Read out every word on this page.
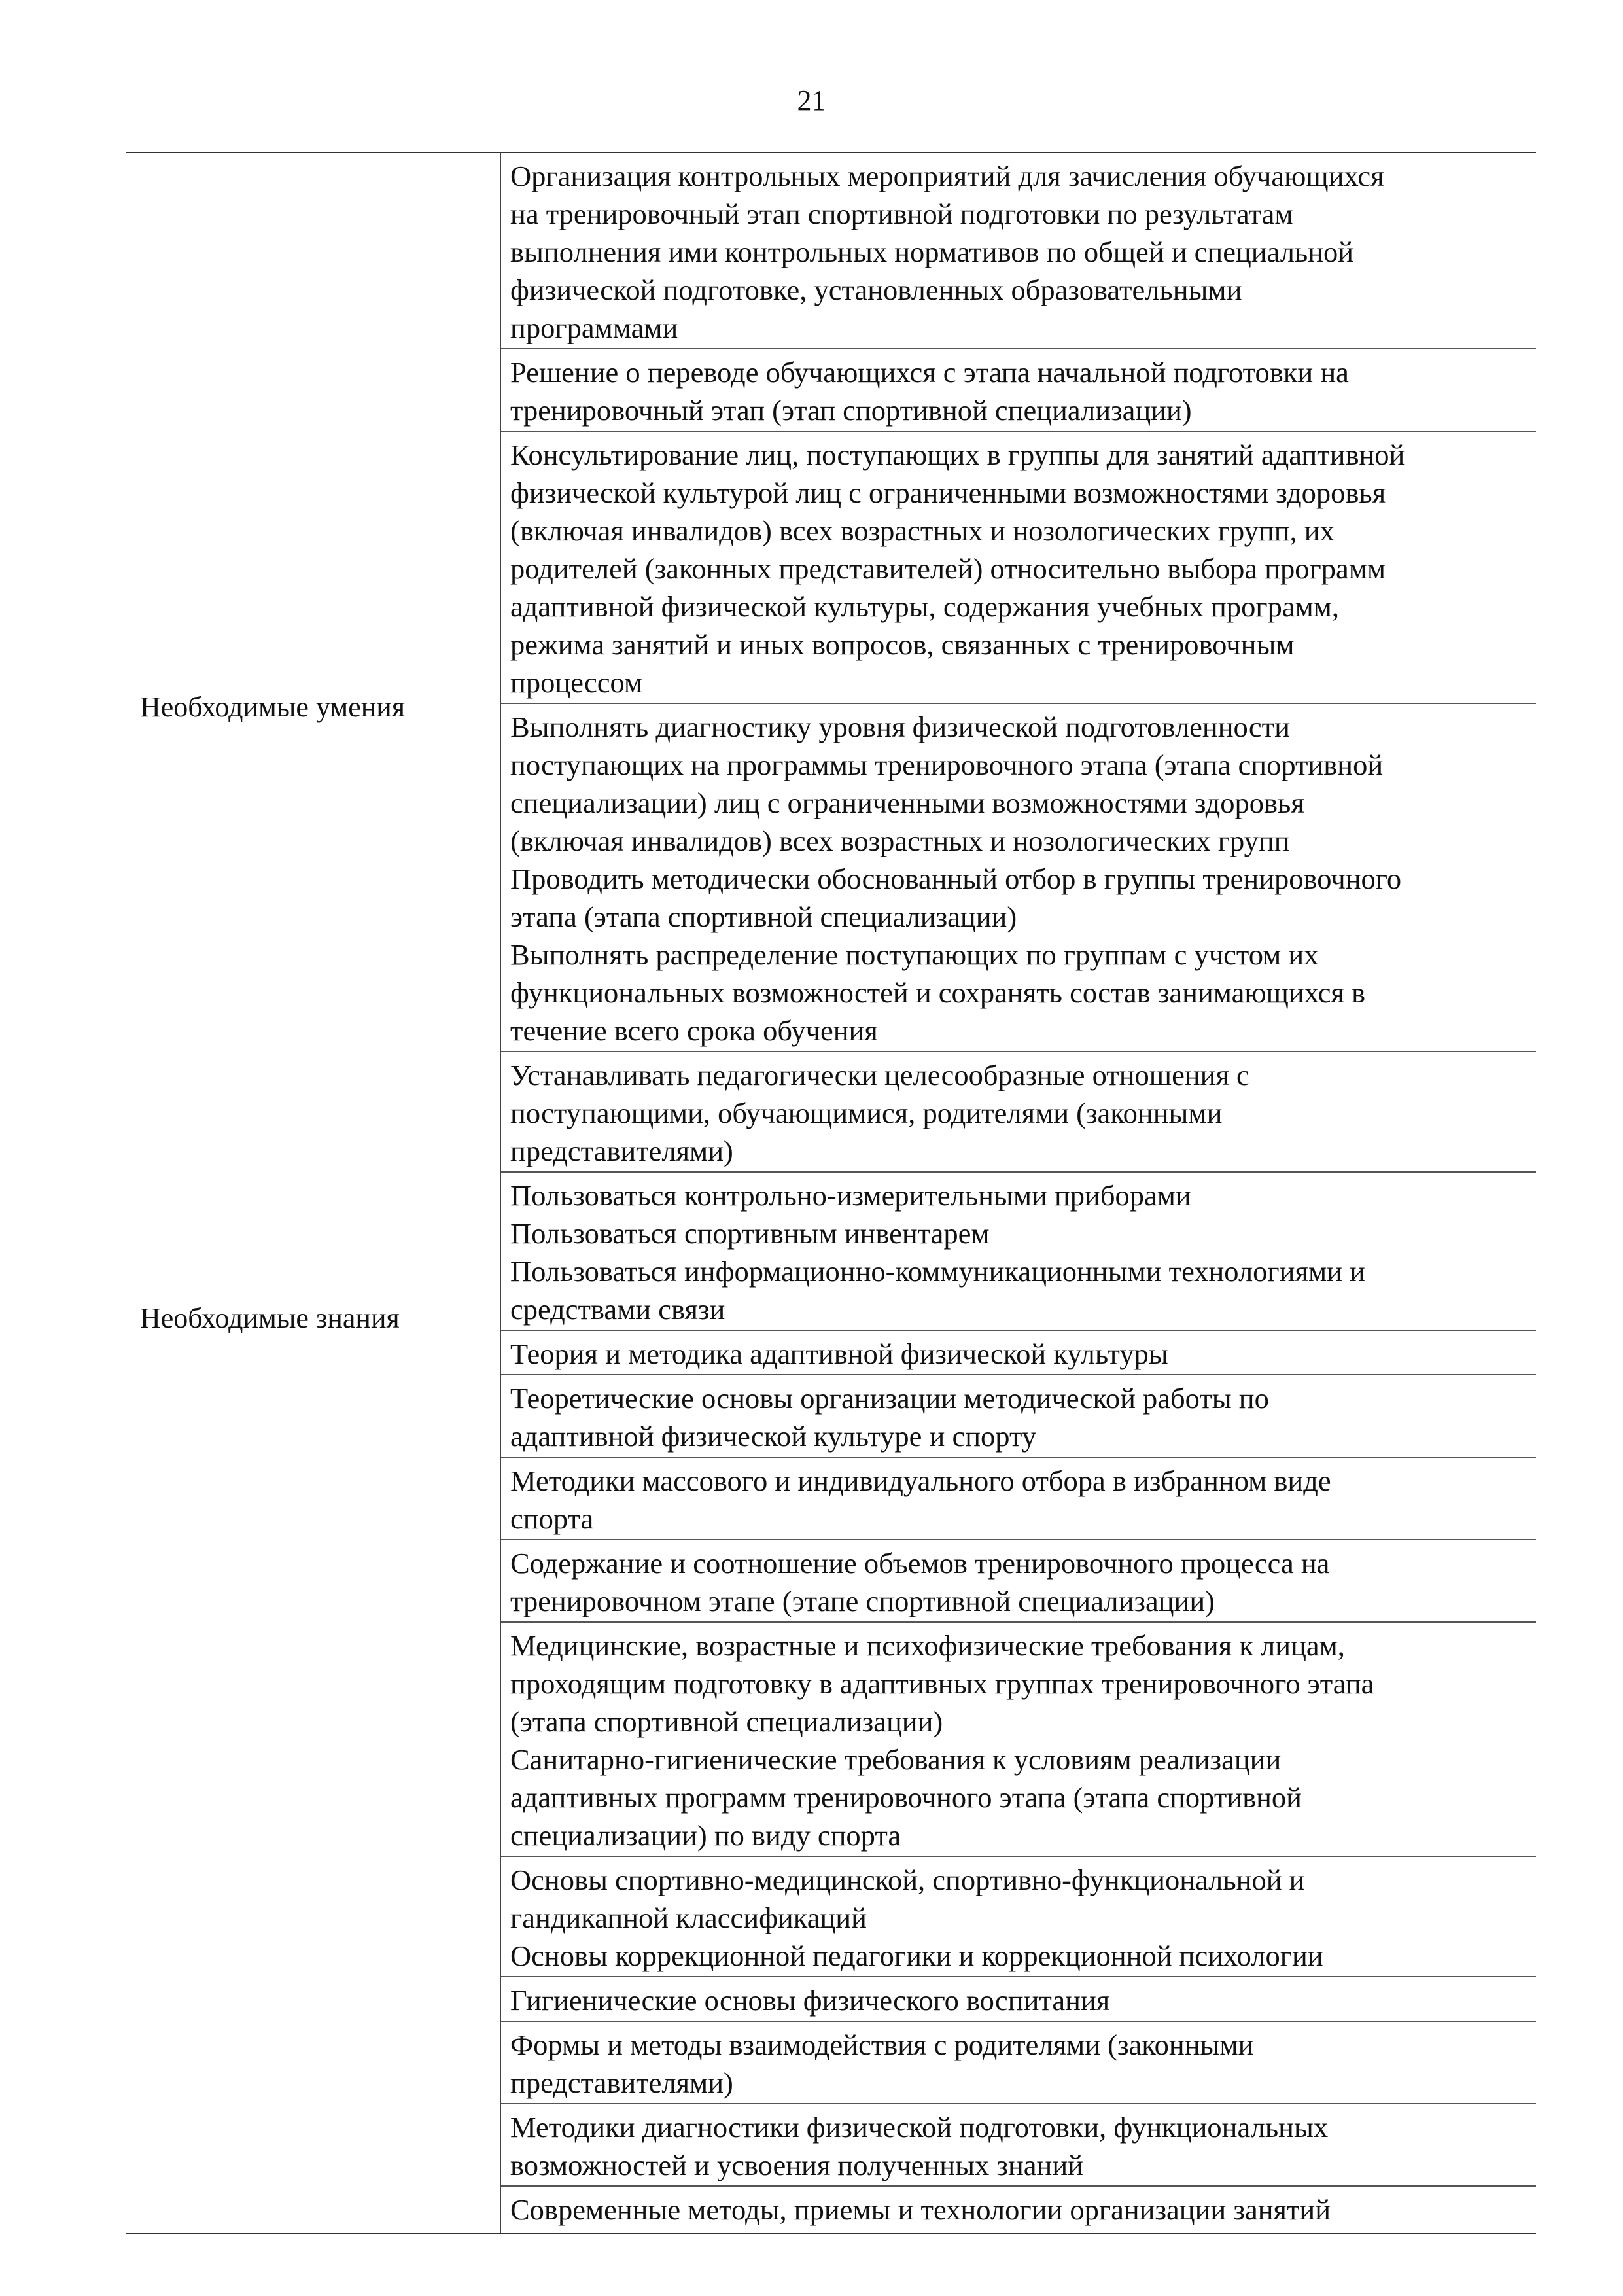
21
Необходимые умения
Необходимые знания
Организация контрольных мероприятий для зачисления обучающихся
на тренировочный этап спортивной подготовки по результатам
выполнения ими контрольных нормативов по общей и специальной
физической подготовке, установленных образовательными
программами
Решение о переводе обучающихся с этапа начальной подготовки на
тренировочный этап (этап спортивной специализации)
Консультирование лиц, поступающих в группы для занятий адаптивной
физической культурой лиц с ограниченными возможностями здоровья
(включая инвалидов) всех возрастных и нозологических групп, их
родителей (законных представителей) относительно выбора программ
адаптивной физической культуры, содержания учебных программ,
режима занятий и иных вопросов, связанных с тренировочным
процессом
Выполнять диагностику уровня физической подготовленности
поступающих на программы тренировочного этапа (этапа спортивной
специализации) лиц с ограниченными возможностями здоровья
(включая инвалидов) всех возрастных и нозологических групп
Проводить методически обоснованный отбор в группы тренировочного
этапа (этапа спортивной специализации)
Выполнять распределение поступающих по группам с учстом их
функциональных возможностей и сохранять состав занимающихся в
течение всего срока обучения
Устанавливать педагогически целесообразные отношения с
поступающими, обучающимися, родителями (законными
представителями)
Пользоваться контрольно-измерительными приборами
Пользоваться спортивным инвентарем
Пользоваться информационно-коммуникационными технологиями и
средствами связи
Теория и методика адаптивной физической культуры
Теоретические основы организации методической работы по
адаптивной физической культуре и спорту
Методики массового и индивидуального отбора в избранном виде
спорта
Содержание и соотношение объемов тренировочного процесса на
тренировочном этапе (этапе спортивной специализации)
Медицинские, возрастные и психофизические требования к лицам,
проходящим подготовку в адаптивных группах тренировочного этапа
(этапа спортивной специализации)
Санитарно-гигиенические требования к условиям реализации
адаптивных программ тренировочного этапа (этапа спортивной
специализации) по виду спорта
Основы спортивно-медицинской, спортивно-функциональной и
гандикапной классификаций
Основы коррекционной педагогики и коррекционной психологии
Гигиенические основы физического воспитания
Формы и методы взаимодействия с родителями (законными
представителями)
Методики диагностики физической подготовки, функциональных
возможностей и усвоения полученных знаний
Современные методы, приемы и технологии организации занятий
